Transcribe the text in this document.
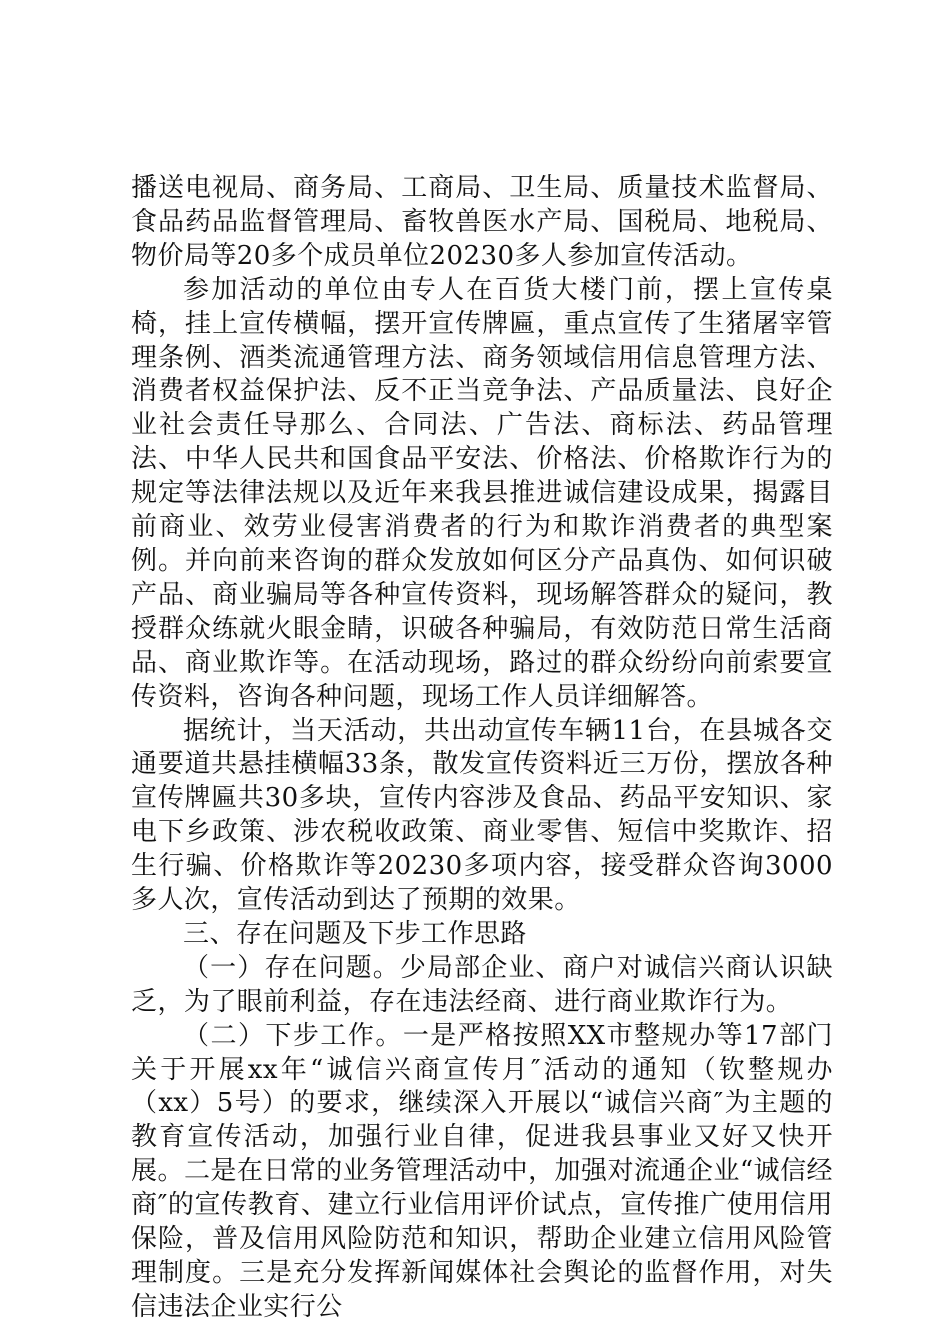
播送电视局、商务局、工商局、卫生局、质量技术监督局、食品药品监督管理局、畜牧兽医水产局、国税局、地税局、物价局等20多个成员单位20230多人参加宣传活动。

参加活动的单位由专人在百货大楼门前，摆上宣传桌椅，挂上宣传横幅，摆开宣传牌匾，重点宣传了生猪屠宰管理条例、酒类流通管理方法、商务领域信用信息管理方法、消费者权益保护法、反不正当竞争法、产品质量法、良好企业社会责任导那么、合同法、广告法、商标法、药品管理法、中华人民共和国食品平安法、价格法、价格欺诈行为的规定等法律法规以及近年来我县推进诚信建设成果，揭露目前商业、效劳业侵害消费者的行为和欺诈消费者的典型案例。并向前来咨询的群众发放如何区分产品真伪、如何识破产品、商业骗局等各种宣传资料，现场解答群众的疑问，教授群众练就火眼金睛，识破各种骗局，有效防范日常生活商品、商业欺诈等。在活动现场，路过的群众纷纷向前索要宣传资料，咨询各种问题，现场工作人员详细解答。

据统计，当天活动，共出动宣传车辆11台，在县城各交通要道共悬挂横幅33条，散发宣传资料近三万份，摆放各种宣传牌匾共30多块，宣传内容涉及食品、药品平安知识、家电下乡政策、涉农税收政策、商业零售、短信中奖欺诈、招生行骗、价格欺诈等20230多项内容，接受群众咨询3000多人次，宣传活动到达了预期的效果。

三、存在问题及下步工作思路

（一）存在问题。少局部企业、商户对诚信兴商认识缺乏，为了眼前利益，存在违法经商、进行商业欺诈行为。

（二）下步工作。一是严格按照XX市整规办等17部门关于开展xx年“诚信兴商宣传月″活动的通知（钦整规办（xx）5号）的要求，继续深入开展以“诚信兴商″为主题的教育宣传活动，加强行业自律，促进我县事业又好又快开展。二是在日常的业务管理活动中，加强对流通企业“诚信经商″的宣传教育、建立行业信用评价试点，宣传推广使用信用保险，普及信用风险防范和知识，帮助企业建立信用风险管理制度。三是充分发挥新闻媒体社会舆论的监督作用，对失信违法企业实行公
